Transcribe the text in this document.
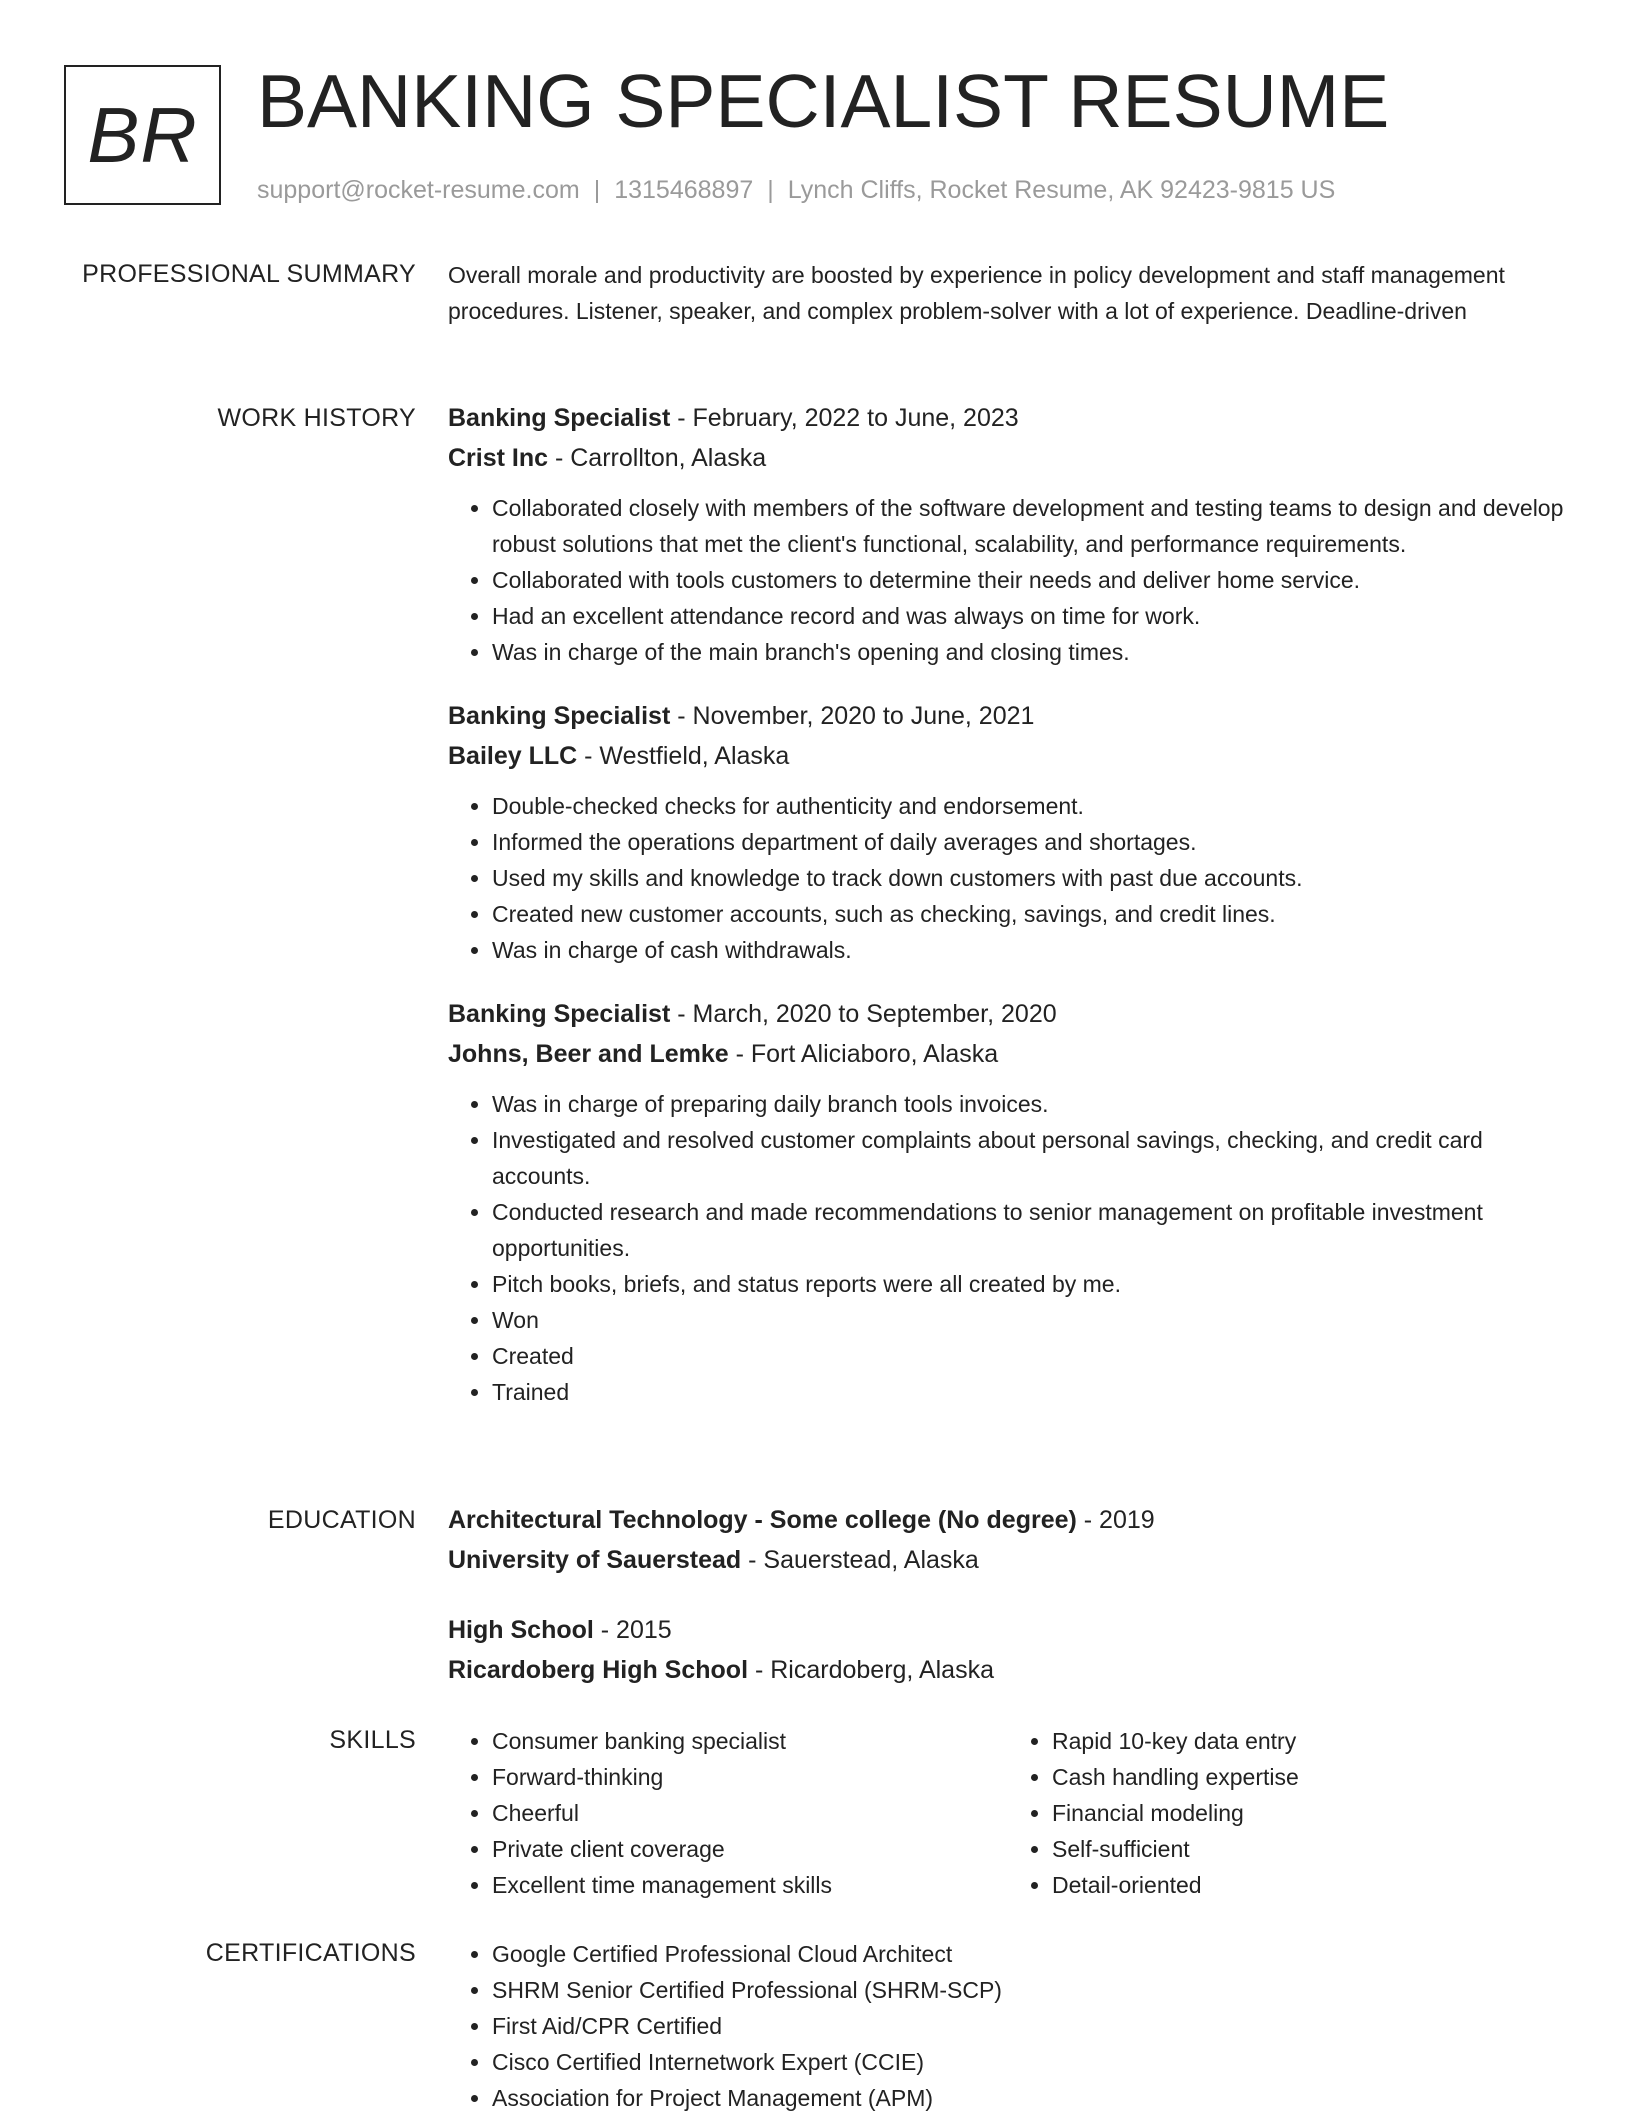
BR BANKING SPECIALIST RESUME
support@rocket-resume.com | 1315468897 | Lynch Cliffs, Rocket Resume, AK 92423-9815 US
PROFESSIONAL SUMMARY Overall morale and productivity are boosted by experience in policy development and staff management procedures. Listener, speaker, and complex problem-solver with a lot of experience. Deadline-driven

WORK HISTORY Banking Specialist - February, 2022 to June, 2023
Crist Inc - Carrollton, Alaska
• Collaborated closely with members of the software development and testing teams to design and develop robust solutions that met the client's functional, scalability, and performance requirements.
• Collaborated with tools customers to determine their needs and deliver home service.
• Had an excellent attendance record and was always on time for work.
• Was in charge of the main branch's opening and closing times.
Banking Specialist - November, 2020 to June, 2021
Bailey LLC - Westfield, Alaska
• Double-checked checks for authenticity and endorsement.
• Informed the operations department of daily averages and shortages.
• Used my skills and knowledge to track down customers with past due accounts.
• Created new customer accounts, such as checking, savings, and credit lines.
• Was in charge of cash withdrawals.
Banking Specialist - March, 2020 to September, 2020
Johns, Beer and Lemke - Fort Aliciaboro, Alaska
• Was in charge of preparing daily branch tools invoices.
• Investigated and resolved customer complaints about personal savings, checking, and credit card accounts.
• Conducted research and made recommendations to senior management on profitable investment opportunities.
• Pitch books, briefs, and status reports were all created by me.
• Won
• Created
• Trained
EDUCATION Architectural Technology - Some college (No degree) - 2019
University of Sauerstead - Sauerstead, Alaska
High School - 2015
Ricardoberg High School - Ricardoberg, Alaska
SKILLS	• Consumer banking specialist
• Forward-thinking
• Cheerful
• Private client coverage
• Excellent time management skills
• Rapid 10-key data entry
• Cash handling expertise
• Financial modeling
• Self-sufficient
• Detail-oriented
CERTIFICATIONS	• Google Certified Professional Cloud Architect
• SHRM Senior Certified Professional (SHRM-SCP)
• First Aid/CPR Certified
• Cisco Certified Internetwork Expert (CCIE)
• Association for Project Management (APM)
